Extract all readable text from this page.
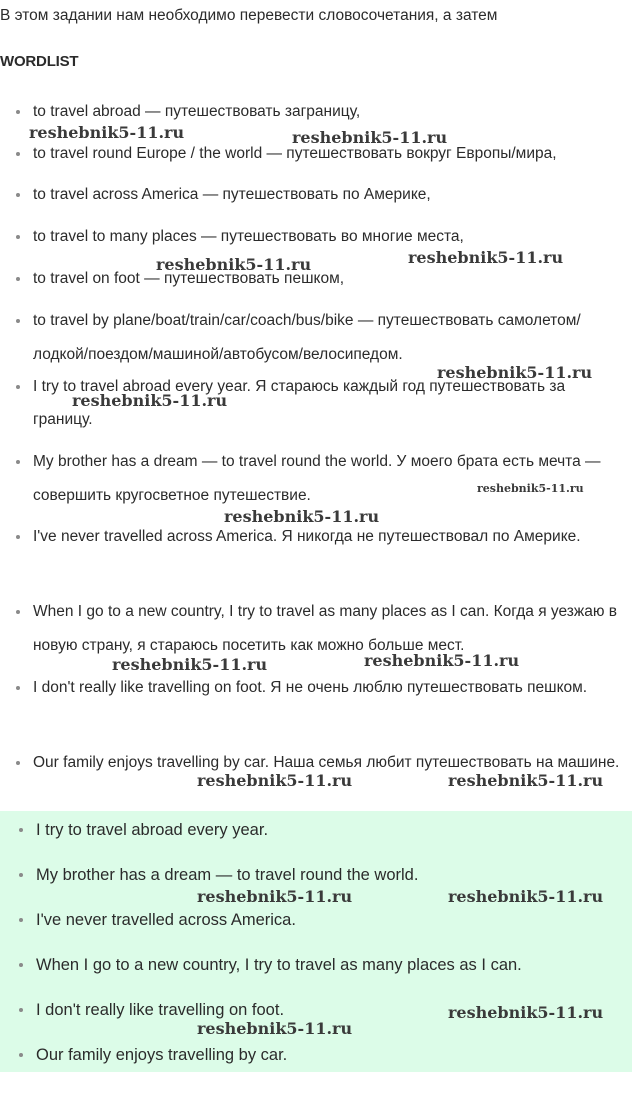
В этом задании нам необходимо перевести словосочетания, а затем
WORDLIST
to travel abroad — путешествовать заграницу,
to travel round Europe / the world — путешествовать вокруг Европы/мира,
to travel across America — путешествовать по Америке,
to travel to many places — путешествовать во многие места,
to travel on foot — путешествовать пешком,
to travel by plane/boat/train/car/coach/bus/bike — путешествовать самолетом/лодкой/поездом/машиной/автобусом/велосипедом.
I try to travel abroad every year. Я стараюсь каждый год путешествовать за границу.
My brother has a dream — to travel round the world. У моего брата есть мечта — совершить кругосветное путешествие.
I've never travelled across America. Я никогда не путешествовал по Америке.
When I go to a new country, I try to travel as many places as I can. Когда я уезжаю в новую страну, я стараюсь посетить как можно больше мест.
I don't really like travelling on foot. Я не очень люблю путешествовать пешком.
Our family enjoys travelling by car. Наша семья любит путешествовать на машине.
I try to travel abroad every year.
My brother has a dream — to travel round the world.
I've never travelled across America.
When I go to a new country, I try to travel as many places as I can.
I don't really like travelling on foot.
Our family enjoys travelling by car.
reshebnik5-11.ru	reshebnik5-11.ru
reshebnik5-11.ru	reshebnik5-11.ru
reshebnik5-11.ru
reshebnik5-11.ru
reshebnik5-11.ru
reshebnik5-11.ru
reshebnik5-11.ru	reshebnik5-11.ru
reshebnik5-11.ru	reshebnik5-11.ru
reshebnik5-11.ru	reshebnik5-11.ru
reshebnik5-11.ru
reshebnik5-11.ru
